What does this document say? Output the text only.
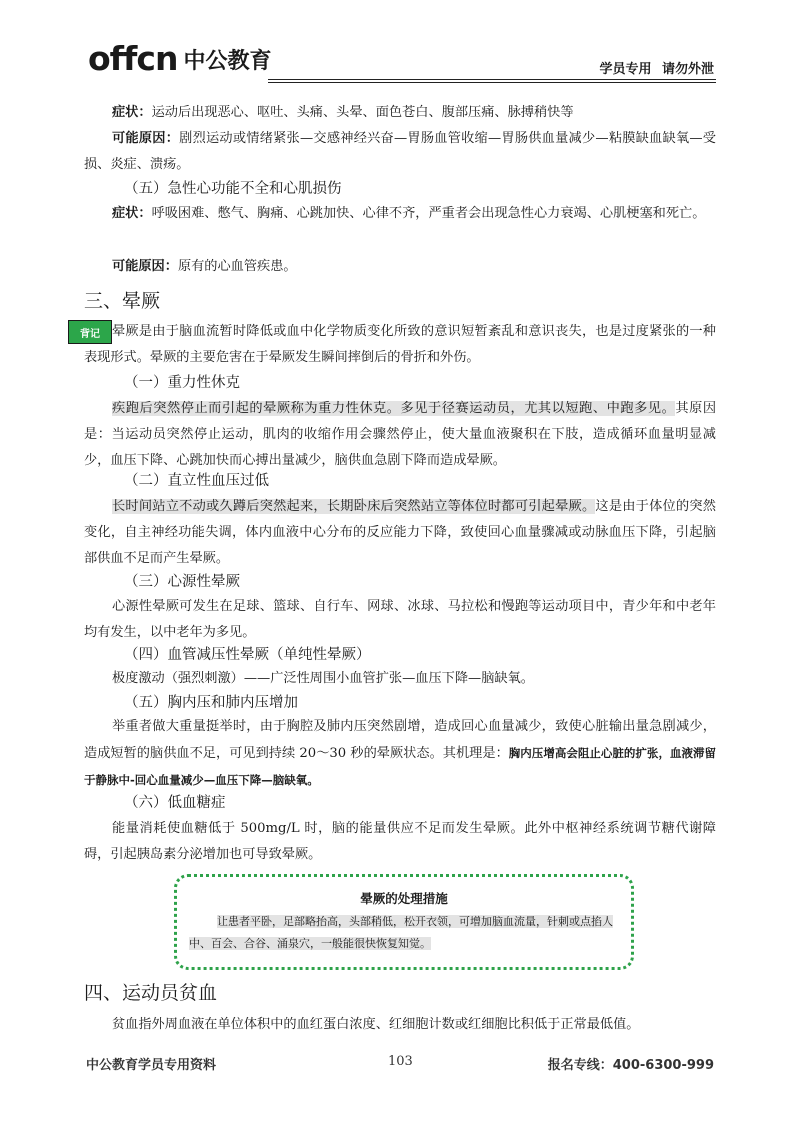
offcn 中公教育	学员专用 请勿外泄
症状：运动后出现恶心、呕吐、头痛、头晕、面色苍白、腹部压痛、脉搏稍快等
可能原因：剧烈运动或情绪紧张—交感神经兴奋—胃肠血管收缩—胃肠供血量减少—粘膜缺血缺氧—受损、炎症、溃疡。
（五）急性心功能不全和心肌损伤
症状：呼吸困难、憋气、胸痛、心跳加快、心律不齐，严重者会出现急性心力衰竭、心肌梗塞和死亡。
可能原因：原有的心血管疾患。
三、晕厥
背记 晕厥是由于脑血流暂时降低或血中化学物质变化所致的意识短暂紊乱和意识丧失，也是过度紧张的一种表现形式。晕厥的主要危害在于晕厥发生瞬间摔倒后的骨折和外伤。
（一）重力性休克
疾跑后突然停止而引起的晕厥称为重力性休克。多见于径赛运动员，尤其以短跑、中跑多见。其原因是：当运动员突然停止运动，肌肉的收缩作用会骤然停止，使大量血液聚积在下肢，造成循环血量明显减少，血压下降、心跳加快而心搏出量减少，脑供血急剧下降而造成晕厥。
（二）直立性血压过低
长时间站立不动或久蹲后突然起来，长期卧床后突然站立等体位时都可引起晕厥。这是由于体位的突然变化，自主神经功能失调，体内血液中心分布的反应能力下降，致使回心血量骤减或动脉血压下降，引起脑部供血不足而产生晕厥。
（三）心源性晕厥
心源性晕厥可发生在足球、篮球、自行车、网球、冰球、马拉松和慢跑等运动项目中，青少年和中老年均有发生，以中老年为多见。
（四）血管减压性晕厥（单纯性晕厥）
极度激动（强烈刺激）——广泛性周围小血管扩张—血压下降—脑缺氧。
（五）胸内压和肺内压增加
举重者做大重量挺举时，由于胸腔及肺内压突然剧增，造成回心血量减少，致使心脏输出量急剧减少，造成短暂的脑供血不足，可见到持续 20～30 秒的晕厥状态。其机理是：胸内压增高会阻止心脏的扩张，血液滞留于静脉中-回心血量减少—血压下降—脑缺氧。
（六）低血糖症
能量消耗使血糖低于 500mg/L 时，脑的能量供应不足而发生晕厥。此外中枢神经系统调节糖代谢障碍，引起胰岛素分泌增加也可导致晕厥。
晕厥的处理措施
让患者平卧，足部略抬高，头部稍低，松开衣领，可增加脑血流量，针刺或点掐人中、百会、合谷、涌泉穴，一般能很快恢复知觉。
四、运动员贫血
贫血指外周血液在单位体积中的血红蛋白浓度、红细胞计数或红细胞比积低于正常最低值。
中公教育学员专用资料	103	报名专线：400-6300-999
